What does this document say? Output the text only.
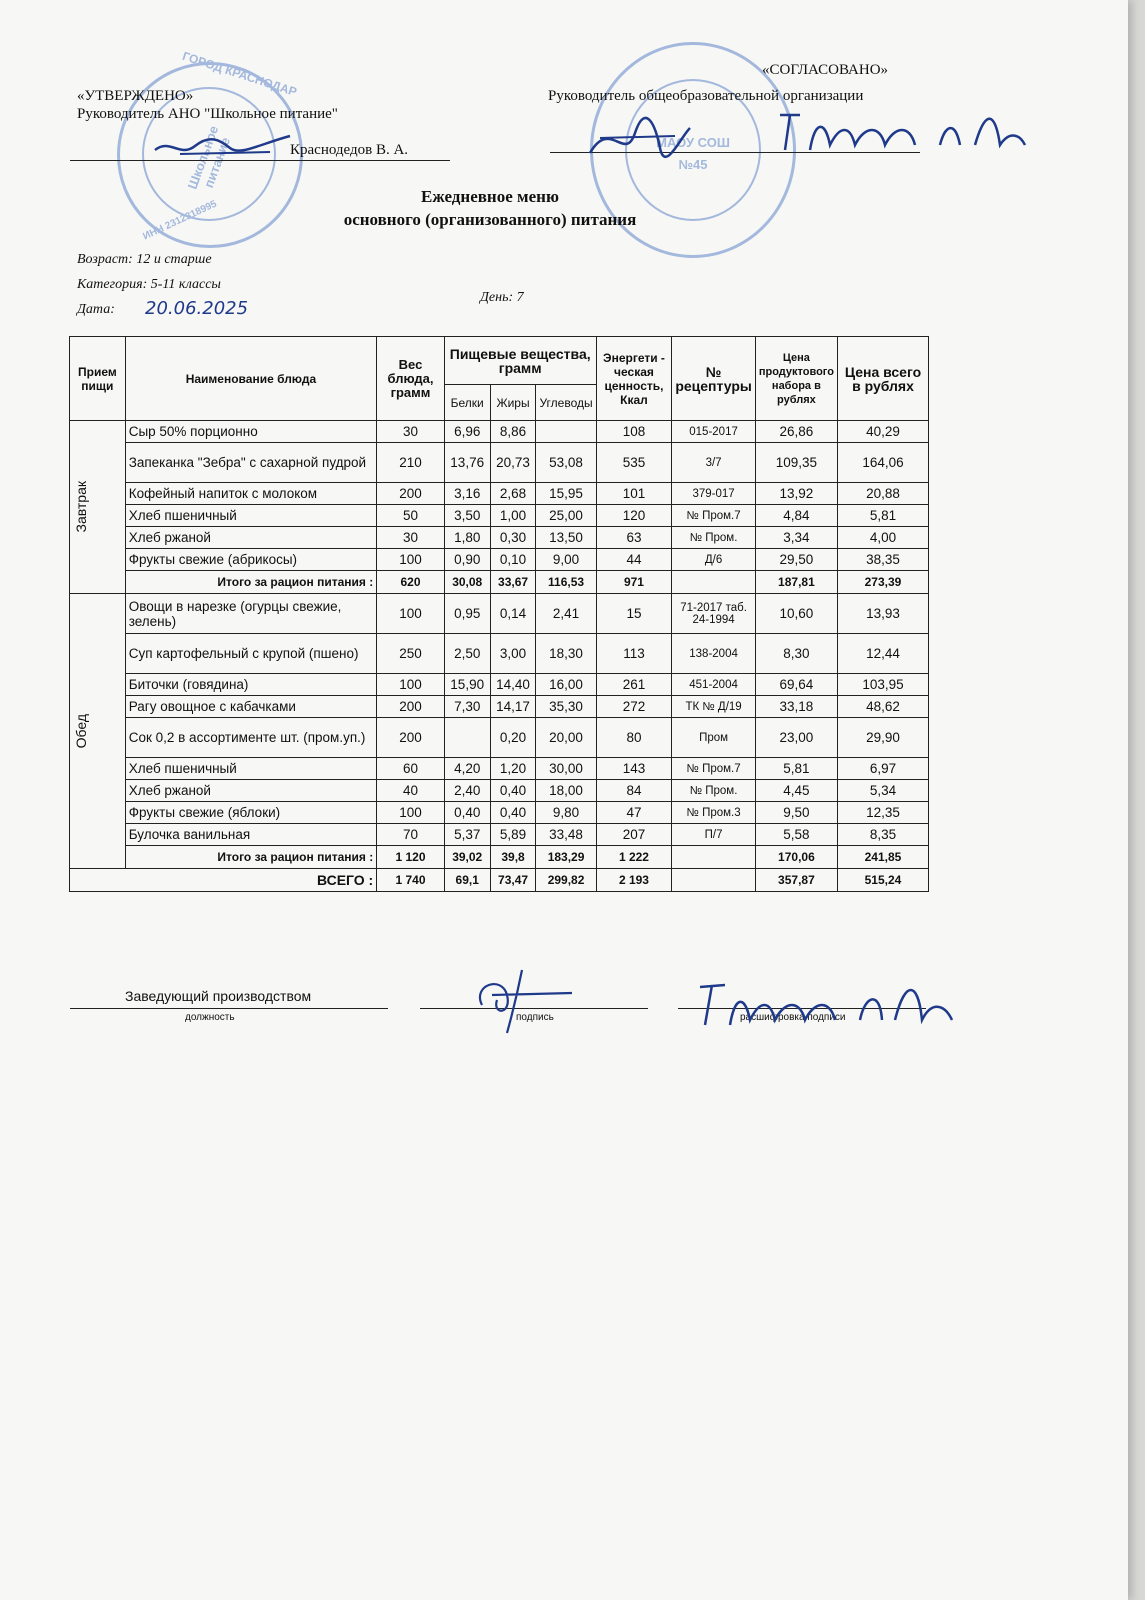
ГОРОД КРАСНОДАР
Школьное питание
ИНН 2312318995
МАОУ СОШ
№45
«УТВЕРЖДЕНО»
Руководитель АНО "Школьное питание"
Краснодедов В. А.
«СОГЛАСОВАНО»
Руководитель общеобразовательной организации
Ежедневное меню
основного (организованного) питания
Возраст: 12 и старше
Категория: 5-11 классы
Дата: 20.06.2025
День: 7
Прием пищи	Наименование блюда	Вес блюда, грамм	Пищевые вещества, грамм			Энергети - ческая ценность, Ккал	№ рецептуры	Цена продуктового набора в рублях	Цена всего в рублях
			Белки	Жиры	Углеводы				

Завтрак	Сыр 50% порционно	30	6,96	8,86		108	015-2017	26,86	40,29
	Запеканка "Зебра" с сахарной пудрой	210	13,76	20,73	53,08	535	3/7	109,35	164,06
	Кофейный напиток с молоком	200	3,16	2,68	15,95	101	379-017	13,92	20,88
	Хлеб пшеничный	50	3,50	1,00	25,00	120	№ Пром.7	4,84	5,81
	Хлеб ржаной	30	1,80	0,30	13,50	63	№ Пром.	3,34	4,00
	Фрукты свежие (абрикосы)	100	0,90	0,10	9,00	44	Д/6	29,50	38,35
	Итого за рацион питания :	620	30,08	33,67	116,53	971		187,81	273,39

Обед	Овощи в нарезке (огурцы свежие, зелень)	100	0,95	0,14	2,41	15	71-2017 таб. 24-1994	10,60	13,93
	Суп картофельный с крупой (пшено)	250	2,50	3,00	18,30	113	138-2004	8,30	12,44
	Биточки (говядина)	100	15,90	14,40	16,00	261	451-2004	69,64	103,95
	Рагу овощное с кабачками	200	7,30	14,17	35,30	272	ТК № Д/19	33,18	48,62
	Сок 0,2 в ассортименте шт. (пром.уп.)	200		0,20	20,00	80	Пром	23,00	29,90
	Хлеб пшеничный	60	4,20	1,20	30,00	143	№ Пром.7	5,81	6,97
	Хлеб ржаной	40	2,40	0,40	18,00	84	№ Пром.	4,45	5,34
	Фрукты свежие (яблоки)	100	0,40	0,40	9,80	47	№ Пром.3	9,50	12,35
	Булочка ванильная	70	5,37	5,89	33,48	207	П/7	5,58	8,35
	Итого за рацион питания :	1 120	39,02	39,8	183,29	1 222		170,06	241,85
ВСЕГО :		1 740	69,1	73,47	299,82	2 193		357,87	515,24
Заведующий производством
должность	подпись	расшифровка подписи
